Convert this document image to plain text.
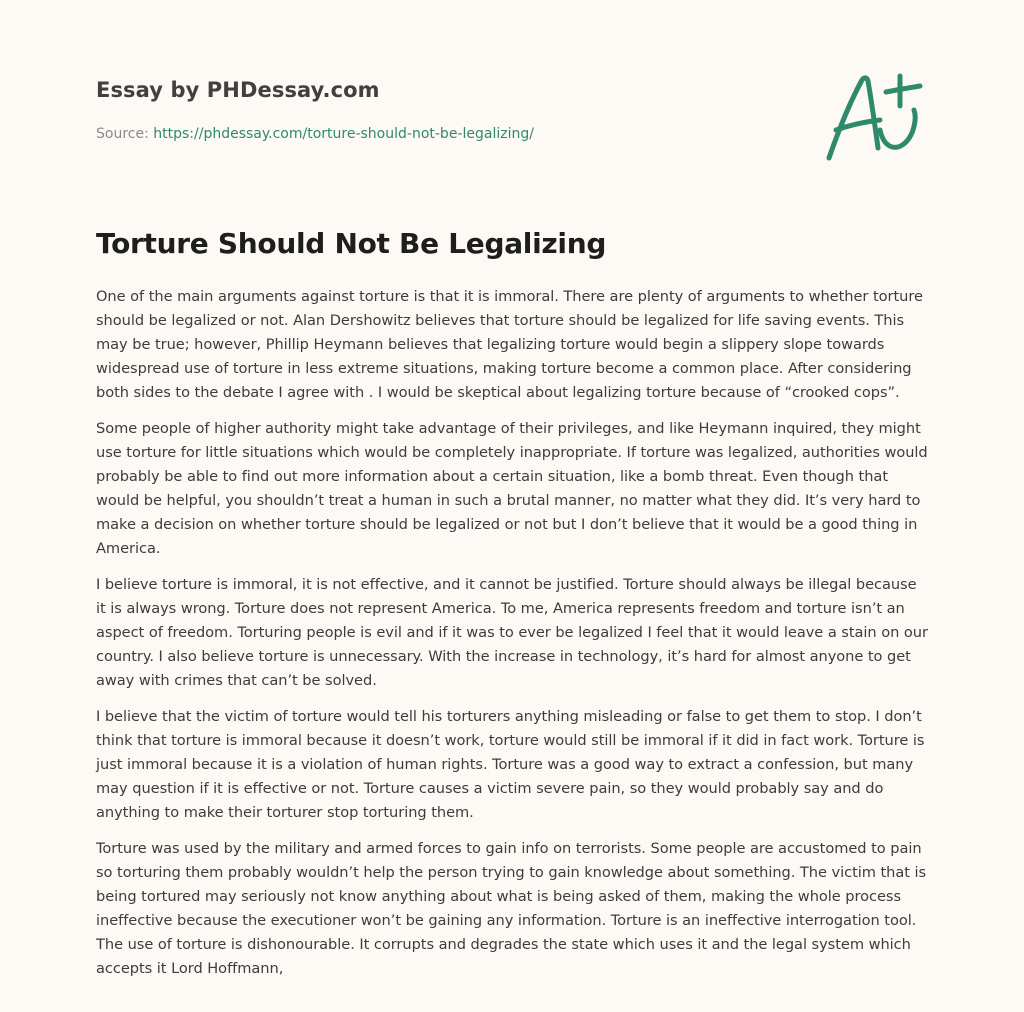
Essay by PHDessay.com
Source: https://phdessay.com/torture-should-not-be-legalizing/
Torture Should Not Be Legalizing

One of the main arguments against torture is that it is immoral. There are plenty of arguments to whether torture should be legalized or not. Alan Dershowitz believes that torture should be legalized for life saving events. This may be true; however, Phillip Heymann believes that legalizing torture would begin a slippery slope towards widespread use of torture in less extreme situations, making torture become a common place. After considering both sides to the debate I agree with . I would be skeptical about legalizing torture because of “crooked cops”.

Some people of higher authority might take advantage of their privileges, and like Heymann inquired, they might use torture for little situations which would be completely inappropriate. If torture was legalized, authorities would probably be able to find out more information about a certain situation, like a bomb threat. Even though that would be helpful, you shouldn’t treat a human in such a brutal manner, no matter what they did. It’s very hard to make a decision on whether torture should be legalized or not but I don’t believe that it would be a good thing in America.

I believe torture is immoral, it is not effective, and it cannot be justified. Torture should always be illegal because it is always wrong. Torture does not represent America. To me, America represents freedom and torture isn’t an aspect of freedom. Torturing people is evil and if it was to ever be legalized I feel that it would leave a stain on our country. I also believe torture is unnecessary. With the increase in technology, it’s hard for almost anyone to get away with crimes that can’t be solved.

I believe that the victim of torture would tell his torturers anything misleading or false to get them to stop. I don’t think that torture is immoral because it doesn’t work, torture would still be immoral if it did in fact work. Torture is just immoral because it is a violation of human rights. Torture was a good way to extract a confession, but many may question if it is effective or not. Torture causes a victim severe pain, so they would probably say and do anything to make their torturer stop torturing them.

Torture was used by the military and armed forces to gain info on terrorists. Some people are accustomed to pain so torturing them probably wouldn’t help the person trying to gain knowledge about something. The victim that is being tortured may seriously not know anything about what is being asked of them, making the whole process ineffective because the executioner won’t be gaining any information. Torture is an ineffective interrogation tool. The use of torture is dishonourable. It corrupts and degrades the state which uses it and the legal system which accepts it Lord Hoffmann,
